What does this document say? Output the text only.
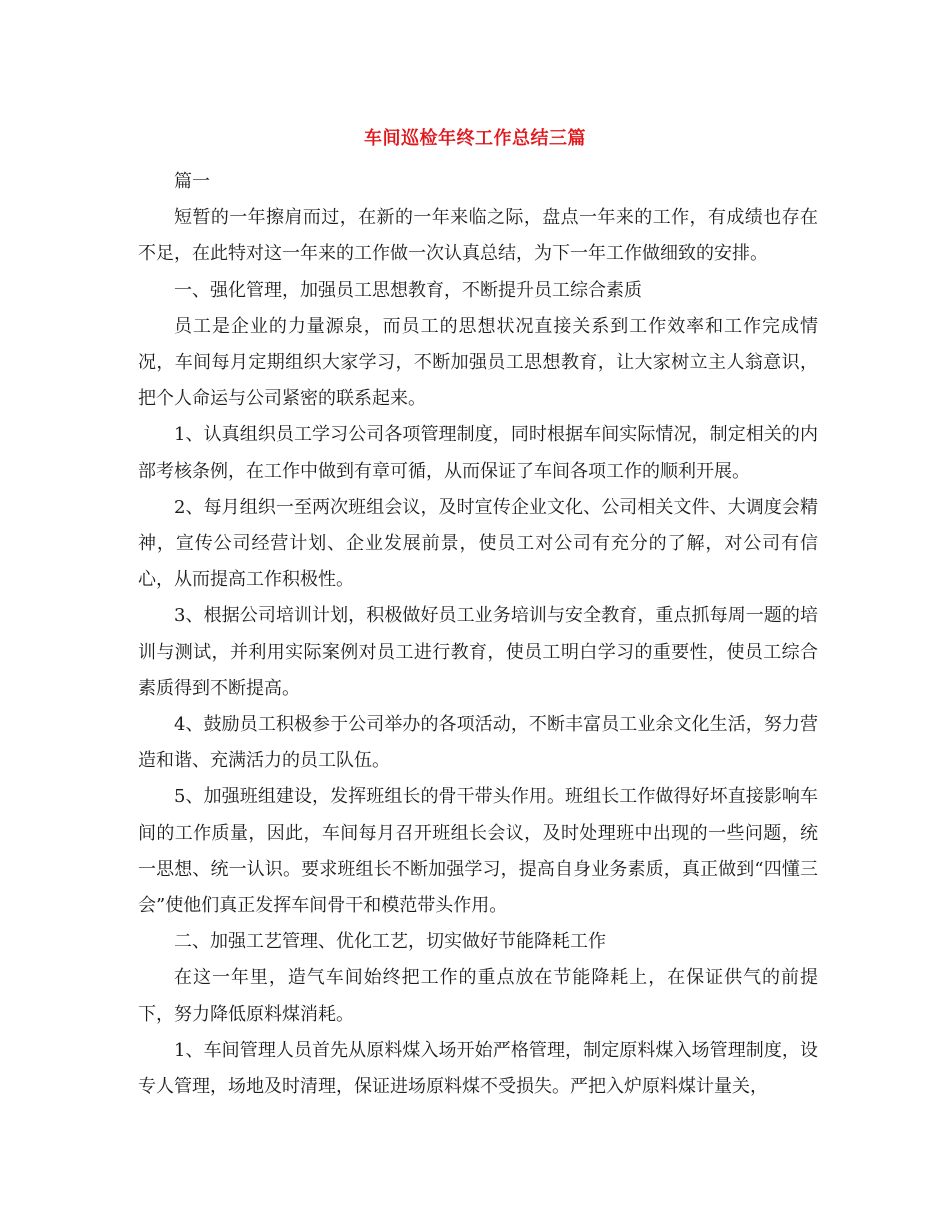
车间巡检年终工作总结三篇

篇一

短暂的一年擦肩而过，在新的一年来临之际，盘点一年来的工作，有成绩也存在不足，在此特对这一年来的工作做一次认真总结，为下一年工作做细致的安排。

一、强化管理，加强员工思想教育，不断提升员工综合素质

员工是企业的力量源泉，而员工的思想状况直接关系到工作效率和工作完成情况，车间每月定期组织大家学习，不断加强员工思想教育，让大家树立主人翁意识，把个人命运与公司紧密的联系起来。

1、认真组织员工学习公司各项管理制度，同时根据车间实际情况，制定相关的内部考核条例，在工作中做到有章可循，从而保证了车间各项工作的顺利开展。

2、每月组织一至两次班组会议，及时宣传企业文化、公司相关文件、大调度会精神，宣传公司经营计划、企业发展前景，使员工对公司有充分的了解，对公司有信心，从而提高工作积极性。

3、根据公司培训计划，积极做好员工业务培训与安全教育，重点抓每周一题的培训与测试，并利用实际案例对员工进行教育，使员工明白学习的重要性，使员工综合素质得到不断提高。

4、鼓励员工积极参于公司举办的各项活动，不断丰富员工业余文化生活，努力营造和谐、充满活力的员工队伍。

5、加强班组建设，发挥班组长的骨干带头作用。班组长工作做得好坏直接影响车间的工作质量，因此，车间每月召开班组长会议，及时处理班中出现的一些问题，统一思想、统一认识。要求班组长不断加强学习，提高自身业务素质，真正做到“四懂三会”使他们真正发挥车间骨干和模范带头作用。

二、加强工艺管理、优化工艺，切实做好节能降耗工作

在这一年里，造气车间始终把工作的重点放在节能降耗上，在保证供气的前提下，努力降低原料煤消耗。

1、车间管理人员首先从原料煤入场开始严格管理，制定原料煤入场管理制度，设专人管理，场地及时清理，保证进场原料煤不受损失。严把入炉原料煤计量关，
